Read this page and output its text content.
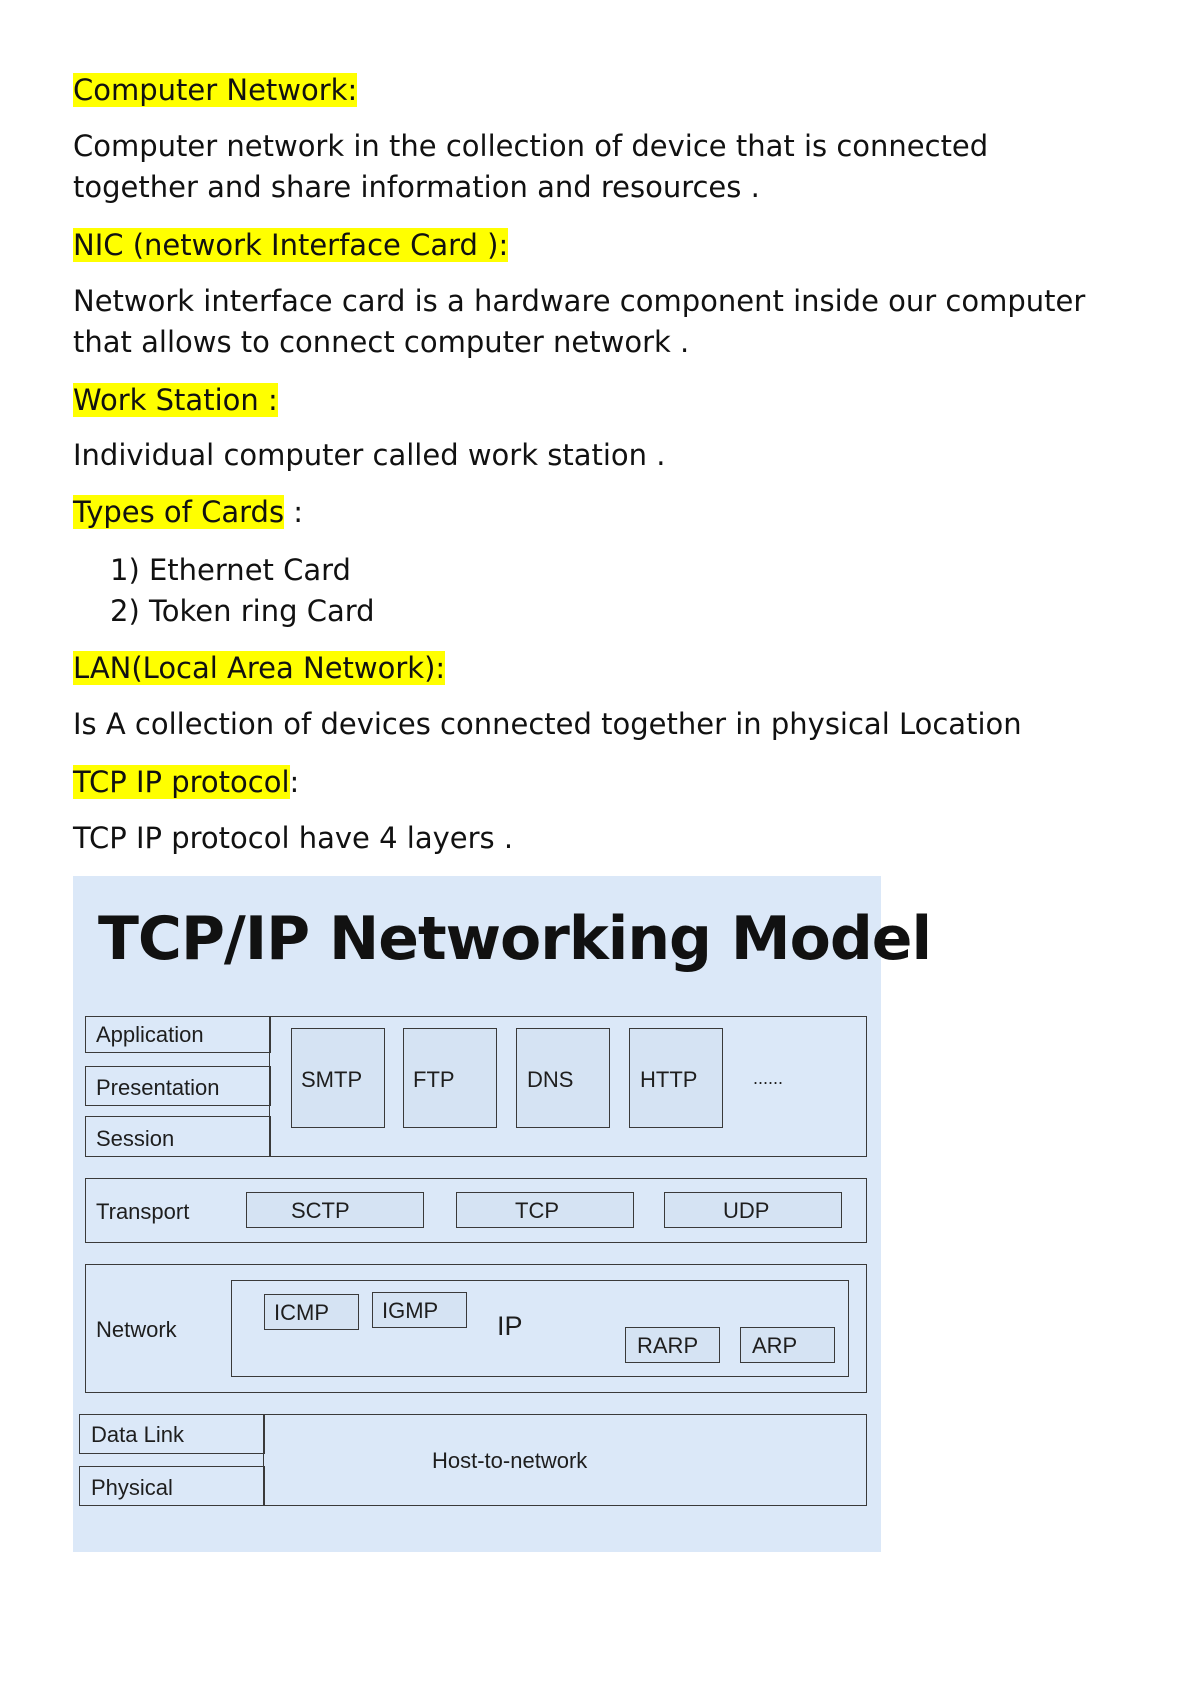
Computer Network:
Computer network in the collection of device that is connected
together and share information and resources .
NIC (network Interface Card ):
Network interface card is a hardware component inside our computer
that allows to connect computer network .
Work Station :
Individual computer called work station .
Types of Cards :
1) Ethernet Card
2) Token ring Card
LAN(Local Area Network):
Is A collection of devices connected together in physical Location
TCP IP protocol:
TCP IP protocol have 4 layers .
TCP/IP Networking Model
Application
Presentation
Session
SMTP FTP	DNS	HTTP	......
Transport	SCTP	TCP	UDP
Network	IP
ICMP IGMP
RARP ARP
Data Link
Physical
Host-to-network
